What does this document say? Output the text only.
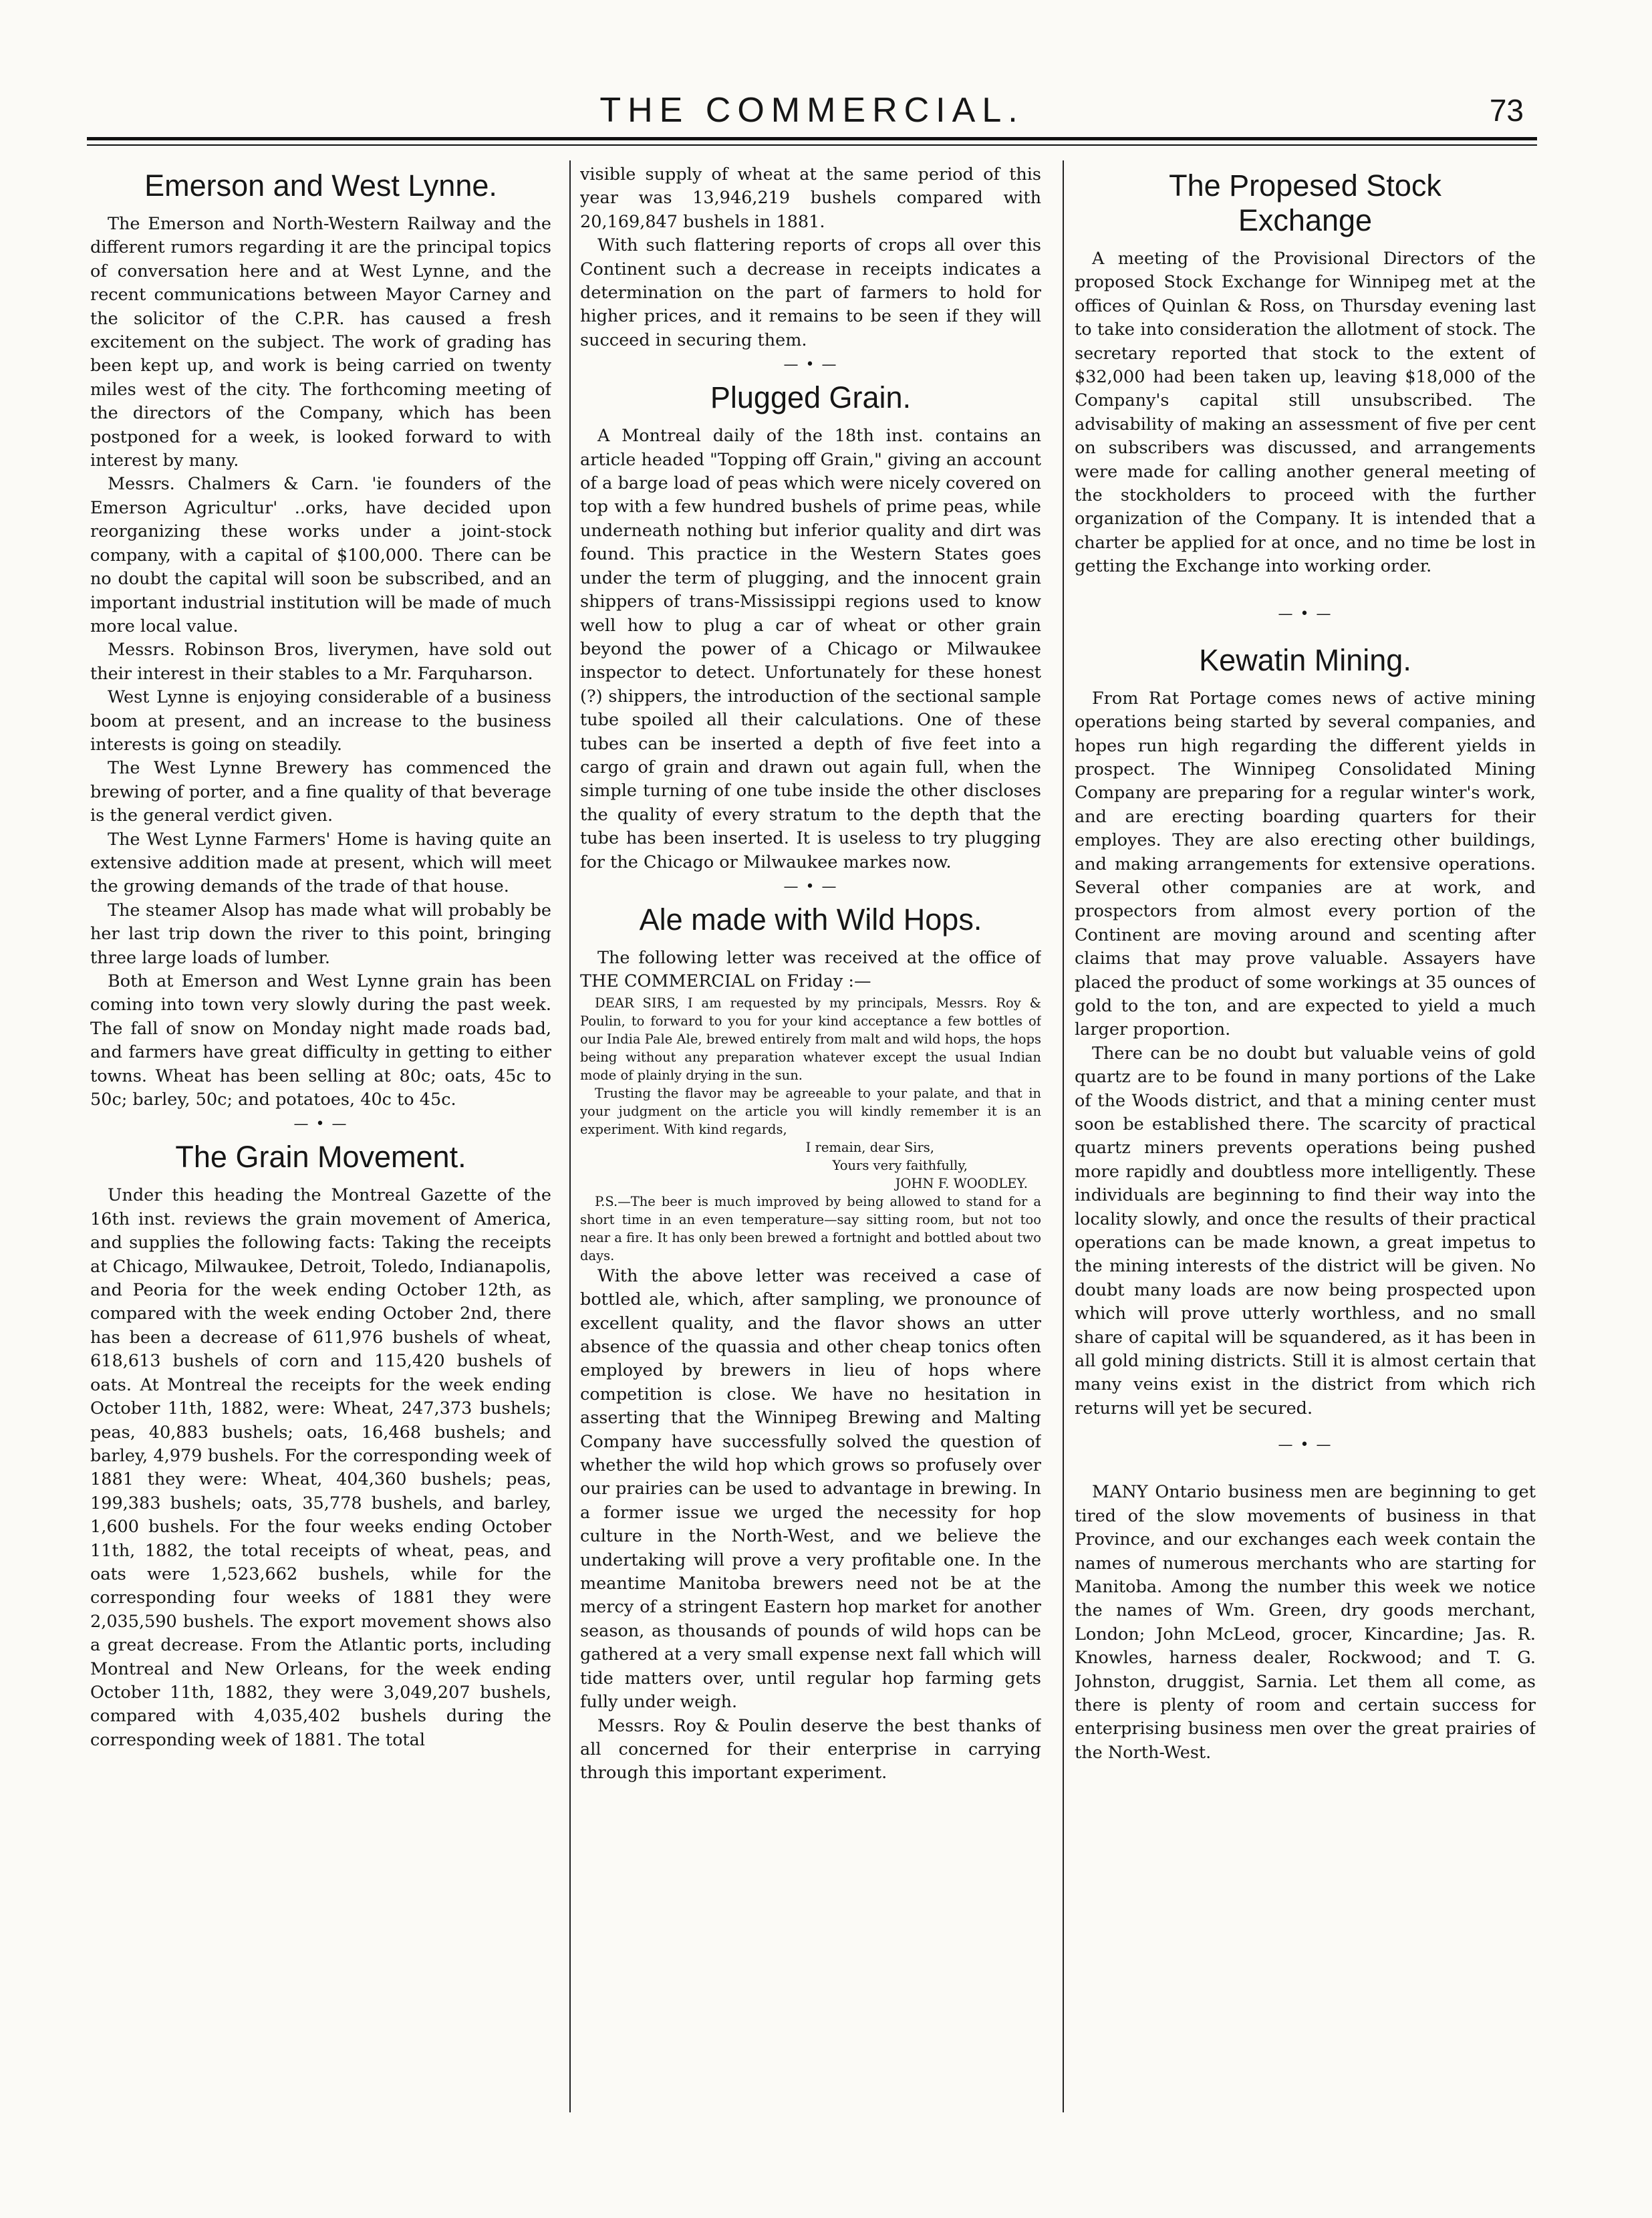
THE COMMERCIAL.	73
Emerson and West Lynne.

The Emerson and North-Western Railway and the different rumors regarding it are the principal topics of conversation here and at West Lynne, and the recent communications between Mayor Carney and the solicitor of the C.P.R. has caused a fresh excitement on the subject. The work of grading has been kept up, and work is being carried on twenty miles west of the city. The forthcoming meeting of the directors of the Company, which has been postponed for a week, is looked forward to with interest by many.

Messrs. Chalmers & Carn. 'ie founders of the Emerson Agricultur' ..orks, have decided upon reorganizing these works under a joint-stock company, with a capital of $100,000. There can be no doubt the capital will soon be subscribed, and an important industrial institution will be made of much more local value.

Messrs. Robinson Bros, liverymen, have sold out their interest in their stables to a Mr. Farquharson.

West Lynne is enjoying considerable of a business boom at present, and an increase to the business interests is going on steadily.

The West Lynne Brewery has commenced the brewing of porter, and a fine quality of that beverage is the general verdict given.

The West Lynne Farmers' Home is having quite an extensive addition made at present, which will meet the growing demands of the trade of that house.

The steamer Alsop has made what will probably be her last trip down the river to this point, bringing three large loads of lumber.

Both at Emerson and West Lynne grain has been coming into town very slowly during the past week. The fall of snow on Monday night made roads bad, and farmers have great difficulty in getting to either towns. Wheat has been selling at 80c; oats, 45c to 50c; barley, 50c; and potatoes, 40c to 45c.

— • —
The Grain Movement.

Under this heading the Montreal Gazette of the 16th inst. reviews the grain movement of America, and supplies the following facts: Taking the receipts at Chicago, Milwaukee, Detroit, Toledo, Indianapolis, and Peoria for the week ending October 12th, as compared with the week ending October 2nd, there has been a decrease of 611,976 bushels of wheat, 618,613 bushels of corn and 115,420 bushels of oats. At Montreal the receipts for the week ending October 11th, 1882, were: Wheat, 247,373 bushels; peas, 40,883 bushels; oats, 16,468 bushels; and barley, 4,979 bushels. For the corresponding week of 1881 they were: Wheat, 404,360 bushels; peas, 199,383 bushels; oats, 35,778 bushels, and barley, 1,600 bushels. For the four weeks ending October 11th, 1882, the total receipts of wheat, peas, and oats were 1,523,662 bushels, while for the corresponding four weeks of 1881 they were 2,035,590 bushels. The export movement shows also a great decrease. From the Atlantic ports, including Montreal and New Orleans, for the week ending October 11th, 1882, they were 3,049,207 bushels, compared with 4,035,402 bushels during the corresponding week of 1881. The total

visible supply of wheat at the same period of this year was 13,946,219 bushels compared with 20,169,847 bushels in 1881.

With such flattering reports of crops all over this Continent such a decrease in receipts indicates a determination on the part of farmers to hold for higher prices, and it remains to be seen if they will succeed in securing them.

— • —
Plugged Grain.

A Montreal daily of the 18th inst. contains an article headed "Topping off Grain," giving an account of a barge load of peas which were nicely covered on top with a few hundred bushels of prime peas, while underneath nothing but inferior quality and dirt was found. This practice in the Western States goes under the term of plugging, and the innocent grain shippers of trans-Mississippi regions used to know well how to plug a car of wheat or other grain beyond the power of a Chicago or Milwaukee inspector to detect. Unfortunately for these honest (?) shippers, the introduction of the sectional sample tube spoiled all their calculations. One of these tubes can be inserted a depth of five feet into a cargo of grain and drawn out again full, when the simple turning of one tube inside the other discloses the quality of every stratum to the depth that the tube has been inserted. It is useless to try plugging for the Chicago or Milwaukee markes now.

— • —
Ale made with Wild Hops.

The following letter was received at the office of THE COMMERCIAL on Friday :—

DEAR SIRS, I am requested by my principals, Messrs. Roy & Poulin, to forward to you for your kind acceptance a few bottles of our India Pale Ale, brewed entirely from malt and wild hops, the hops being without any preparation whatever except the usual Indian mode of plainly drying in the sun.

Trusting the flavor may be agreeable to your palate, and that in your judgment on the article you will kindly remember it is an experiment. With kind regards,

I remain, dear Sirs,

Yours very faithfully,

JOHN F. WOODLEY.

P.S.—The beer is much improved by being allowed to stand for a short time in an even temperature—say sitting room, but not too near a fire. It has only been brewed a fortnight and bottled about two days.

With the above letter was received a case of bottled ale, which, after sampling, we pronounce of excellent quality, and the flavor shows an utter absence of the quassia and other cheap tonics often employed by brewers in lieu of hops where competition is close. We have no hesitation in asserting that the Winnipeg Brewing and Malting Company have successfully solved the question of whether the wild hop which grows so profusely over our prairies can be used to advantage in brewing. In a former issue we urged the necessity for hop culture in the North-West, and we believe the undertaking will prove a very profitable one. In the meantime Manitoba brewers need not be at the mercy of a stringent Eastern hop market for another season, as thousands of pounds of wild hops can be gathered at a very small expense next fall which will tide matters over, until regular hop farming gets fully under weigh.

Messrs. Roy & Poulin deserve the best thanks of all concerned for their enterprise in carrying through this important experiment.

The Propesed Stock Exchange

A meeting of the Provisional Directors of the proposed Stock Exchange for Winnipeg met at the offices of Quinlan & Ross, on Thursday evening last to take into consideration the allotment of stock. The secretary reported that stock to the extent of $32,000 had been taken up, leaving $18,000 of the Company's capital still unsubscribed. The advisability of making an assessment of five per cent on subscribers was discussed, and arrangements were made for calling another general meeting of the stockholders to proceed with the further organization of the Company. It is intended that a charter be applied for at once, and no time be lost in getting the Exchange into working order.

— • —
Kewatin Mining.

From Rat Portage comes news of active mining operations being started by several companies, and hopes run high regarding the different yields in prospect. The Winnipeg Consolidated Mining Company are preparing for a regular winter's work, and are erecting boarding quarters for their employes. They are also erecting other buildings, and making arrangements for extensive operations. Several other companies are at work, and prospectors from almost every portion of the Continent are moving around and scenting after claims that may prove valuable. Assayers have placed the product of some workings at 35 ounces of gold to the ton, and are expected to yield a much larger proportion.

There can be no doubt but valuable veins of gold quartz are to be found in many portions of the Lake of the Woods district, and that a mining center must soon be established there. The scarcity of practical quartz miners prevents operations being pushed more rapidly and doubtless more intelligently. These individuals are beginning to find their way into the locality slowly, and once the results of their practical operations can be made known, a great impetus to the mining interests of the district will be given. No doubt many loads are now being prospected upon which will prove utterly worthless, and no small share of capital will be squandered, as it has been in all gold mining districts. Still it is almost certain that many veins exist in the district from which rich returns will yet be secured.

— • —

MANY Ontario business men are beginning to get tired of the slow movements of business in that Province, and our exchanges each week contain the names of numerous merchants who are starting for Manitoba. Among the number this week we notice the names of Wm. Green, dry goods merchant, London; John McLeod, grocer, Kincardine; Jas. R. Knowles, harness dealer, Rockwood; and T. G. Johnston, druggist, Sarnia. Let them all come, as there is plenty of room and certain success for enterprising business men over the great prairies of the North-West.
